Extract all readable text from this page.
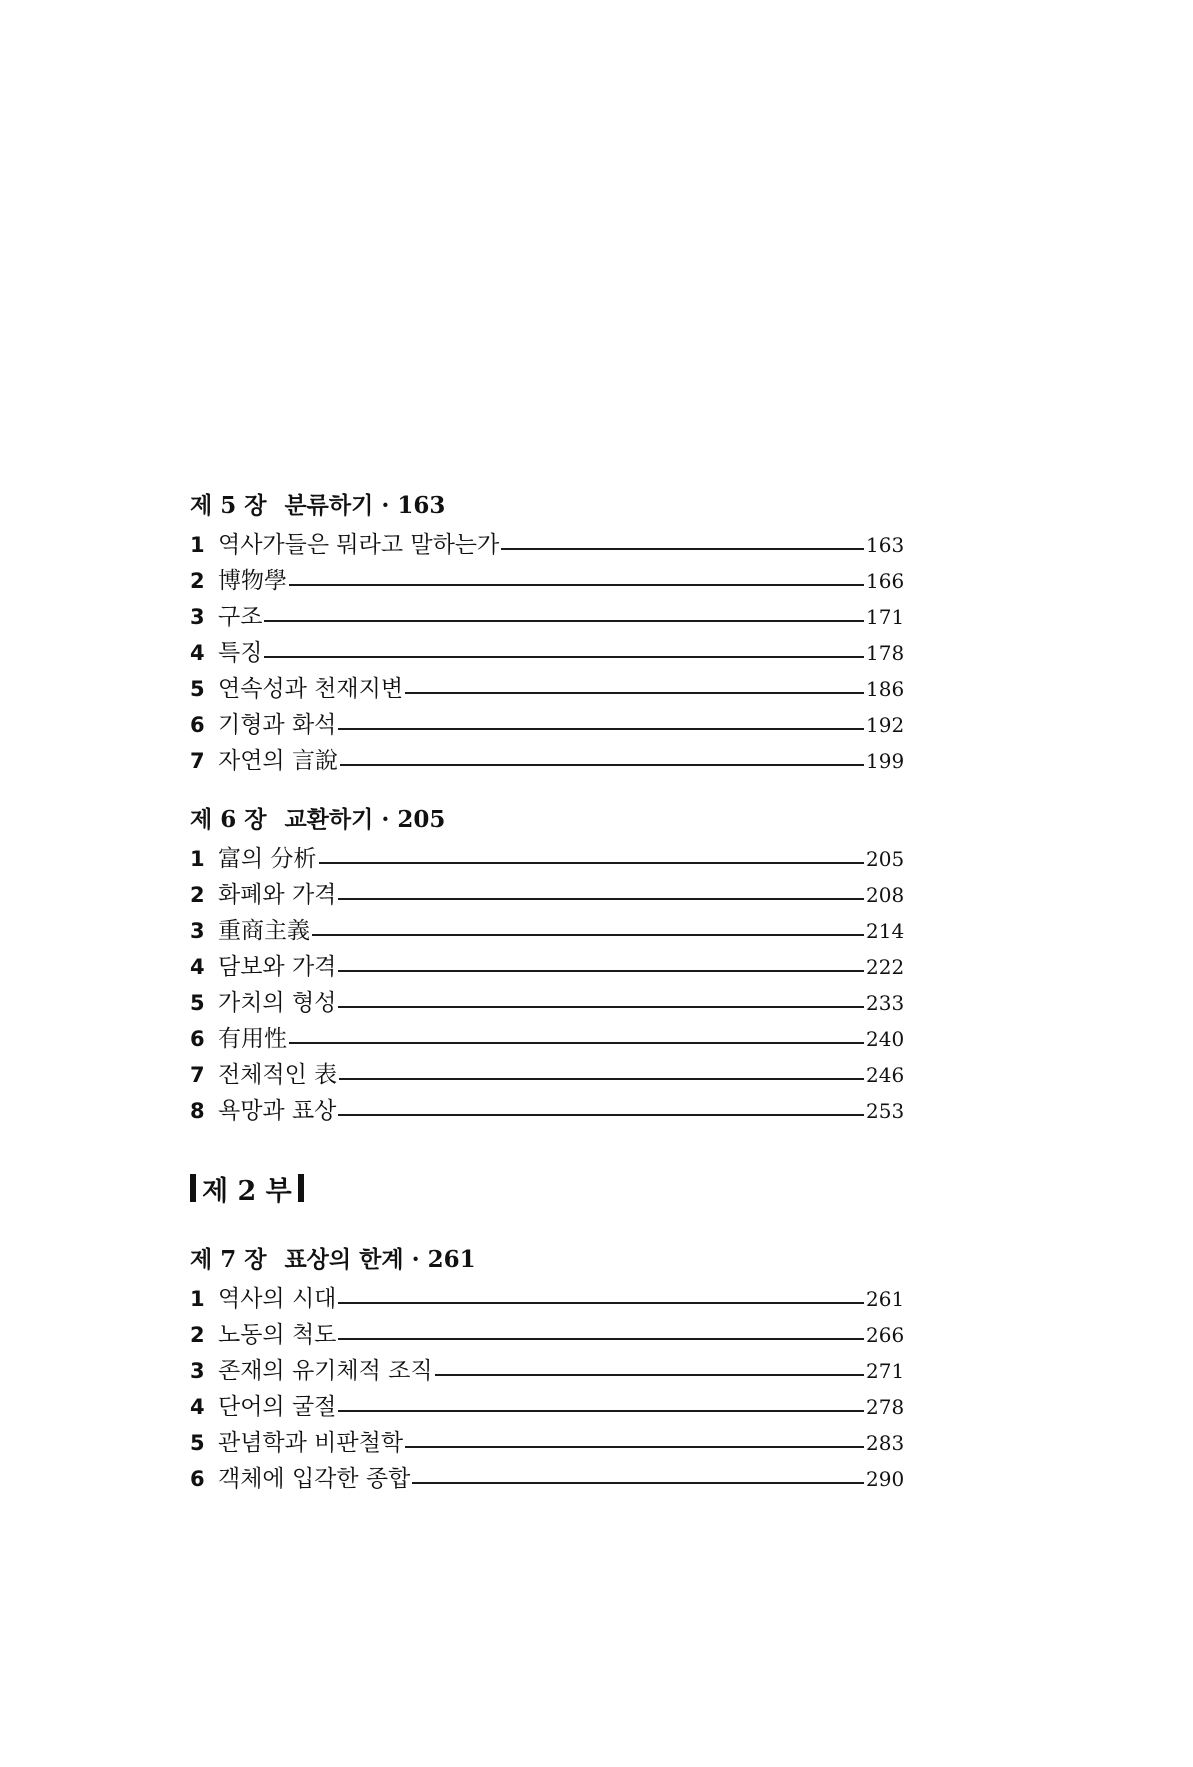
제 5 장 분류하기 · 163
1 역사가들은 뭐라고 말하는가	163
2 博物學	166
3 구조	171
4 특징	178
5 연속성과 천재지변	186
6 기형과 화석	192
7 자연의 言說	199
제 6 장 교환하기 · 205
1 富의 分析	205
2 화폐와 가격	208
3 重商主義	214
4 담보와 가격	222
5 가치의 형성	233
6 有用性	240
7 전체적인 表	246
8 욕망과 표상	253
제 2 부
제 7 장 표상의 한계 · 261
1 역사의 시대	261
2 노동의 척도	266
3 존재의 유기체적 조직	271
4 단어의 굴절	278
5 관념학과 비판철학	283
6 객체에 입각한 종합	290
